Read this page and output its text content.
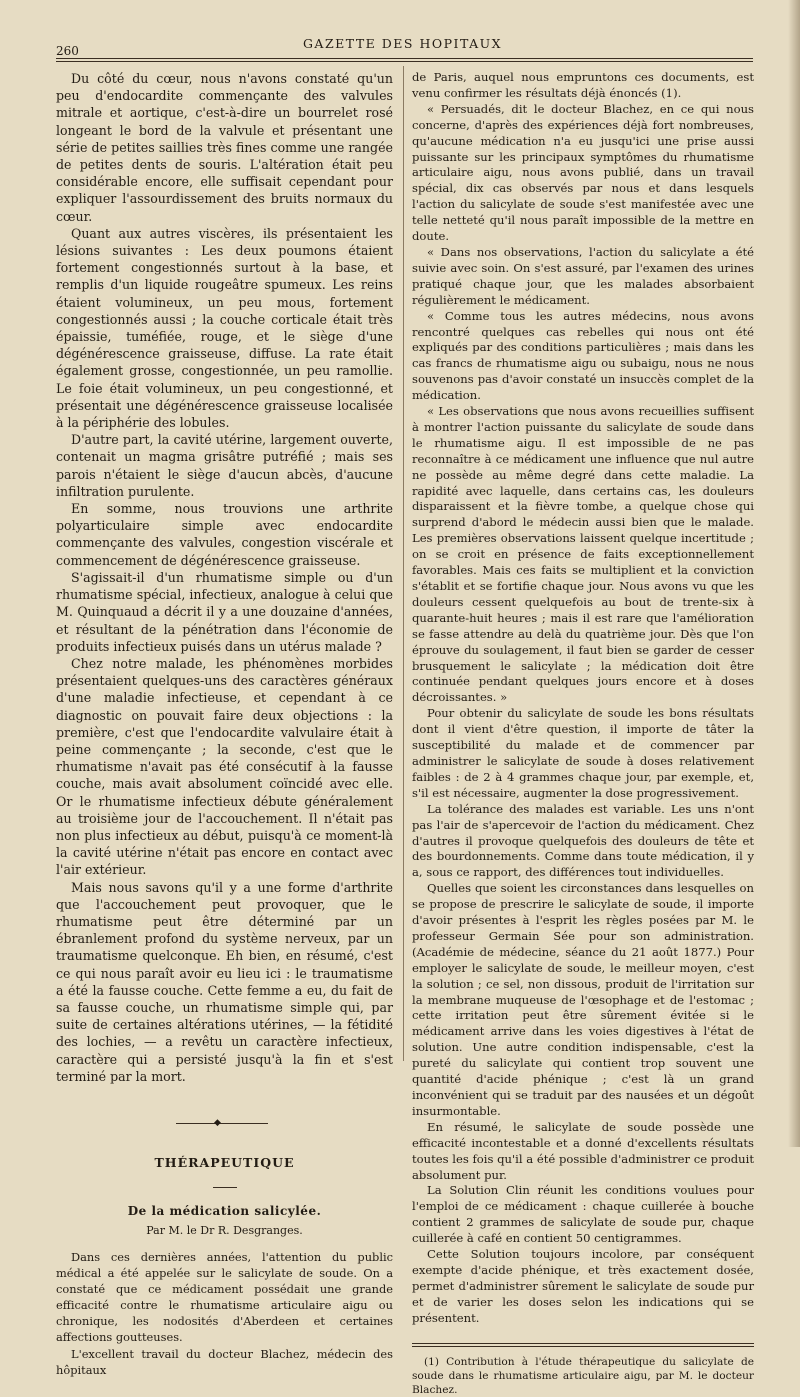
260	GAZETTE DES HOPITAUX

Du côté du cœur, nous n'avons constaté qu'un peu d'endocardite commençante des valvules mitrale et aortique, c'est-à-dire un bourrelet rosé longeant le bord de la valvule et présentant une série de petites saillies très fines comme une rangée de petites dents de souris. L'altération était peu considérable encore, elle suffisait cependant pour expliquer l'assourdissement des bruits normaux du cœur.

Quant aux autres viscères, ils présentaient les lésions suivantes : Les deux poumons étaient fortement congestionnés surtout à la base, et remplis d'un liquide rougeâtre spumeux. Les reins étaient volumineux, un peu mous, fortement congestionnés aussi ; la couche corticale était très épaissie, tuméfiée, rouge, et le siège d'une dégénérescence graisseuse, diffuse. La rate était également grosse, congestionnée, un peu ramollie. Le foie était volumineux, un peu congestionné, et présentait une dégénérescence graisseuse localisée à la périphérie des lobules.

D'autre part, la cavité utérine, largement ouverte, contenait un magma grisâtre putréfié ; mais ses parois n'étaient le siège d'aucun abcès, d'aucune infiltration purulente.

En somme, nous trouvions une arthrite polyarticulaire simple avec endocardite commençante des valvules, congestion viscérale et commencement de dégénérescence graisseuse.

S'agissait-il d'un rhumatisme simple ou d'un rhumatisme spécial, infectieux, analogue à celui que M. Quinquaud a décrit il y a une douzaine d'années, et résultant de la pénétration dans l'économie de produits infectieux puisés dans un utérus malade ?

Chez notre malade, les phénomènes morbides présentaient quelques-uns des caractères généraux d'une maladie infectieuse, et cependant à ce diagnostic on pouvait faire deux objections : la première, c'est que l'endocardite valvulaire était à peine commençante ; la seconde, c'est que le rhumatisme n'avait pas été consécutif à la fausse couche, mais avait absolument coïncidé avec elle. Or le rhumatisme infectieux débute généralement au troisième jour de l'accouchement. Il n'était pas non plus infectieux au début, puisqu'à ce moment-là la cavité utérine n'était pas encore en contact avec l'air extérieur.

Mais nous savons qu'il y a une forme d'arthrite que l'accouchement peut provoquer, que le rhumatisme peut être déterminé par un ébranlement profond du système nerveux, par un traumatisme quelconque. Eh bien, en résumé, c'est ce qui nous paraît avoir eu lieu ici : le traumatisme a été la fausse couche. Cette femme a eu, du fait de sa fausse couche, un rhumatisme simple qui, par suite de certaines altérations utérines, — la fétidité des lochies, — a revêtu un caractère infectieux, caractère qui a persisté jusqu'à la fin et s'est terminé par la mort.

◆
THÉRAPEUTIQUE
De la médication salicylée.
Par M. le Dr R. Desgranges.

Dans ces dernières années, l'attention du public médical a été appelée sur le salicylate de soude. On a constaté que ce médicament possédait une grande efficacité contre le rhumatisme articulaire aigu ou chronique, les nodosités d'Aberdeen et certaines affections goutteuses.

L'excellent travail du docteur Blachez, médecin des hôpitaux

de Paris, auquel nous empruntons ces documents, est venu confirmer les résultats déjà énoncés (1).

« Persuadés, dit le docteur Blachez, en ce qui nous concerne, d'après des expériences déjà fort nombreuses, qu'aucune médication n'a eu jusqu'ici une prise aussi puissante sur les principaux symptômes du rhumatisme articulaire aigu, nous avons publié, dans un travail spécial, dix cas observés par nous et dans lesquels l'action du salicylate de soude s'est manifestée avec une telle netteté qu'il nous paraît impossible de la mettre en doute.

« Dans nos observations, l'action du salicylate a été suivie avec soin. On s'est assuré, par l'examen des urines pratiqué chaque jour, que les malades absorbaient régulièrement le médicament.

« Comme tous les autres médecins, nous avons rencontré quelques cas rebelles qui nous ont été expliqués par des conditions particulières ; mais dans les cas francs de rhumatisme aigu ou subaigu, nous ne nous souvenons pas d'avoir constaté un insuccès complet de la médication.

« Les observations que nous avons recueillies suffisent à montrer l'action puissante du salicylate de soude dans le rhumatisme aigu. Il est impossible de ne pas reconnaître à ce médicament une influence que nul autre ne possède au même degré dans cette maladie. La rapidité avec laquelle, dans certains cas, les douleurs disparaissent et la fièvre tombe, a quelque chose qui surprend d'abord le médecin aussi bien que le malade. Les premières observations laissent quelque incertitude ; on se croit en présence de faits exceptionnellement favorables. Mais ces faits se multiplient et la conviction s'établit et se fortifie chaque jour. Nous avons vu que les douleurs cessent quelquefois au bout de trente-six à quarante-huit heures ; mais il est rare que l'amélioration se fasse attendre au delà du quatrième jour. Dès que l'on éprouve du soulagement, il faut bien se garder de cesser brusquement le salicylate ; la médication doit être continuée pendant quelques jours encore et à doses décroissantes. »

Pour obtenir du salicylate de soude les bons résultats dont il vient d'être question, il importe de tâter la susceptibilité du malade et de commencer par administrer le salicylate de soude à doses relativement faibles : de 2 à 4 grammes chaque jour, par exemple, et, s'il est nécessaire, augmenter la dose progressivement.

La tolérance des malades est variable. Les uns n'ont pas l'air de s'apercevoir de l'action du médicament. Chez d'autres il provoque quelquefois des douleurs de tête et des bourdonnements. Comme dans toute médication, il y a, sous ce rapport, des différences tout individuelles.

Quelles que soient les circonstances dans lesquelles on se propose de prescrire le salicylate de soude, il importe d'avoir présentes à l'esprit les règles posées par M. le professeur Germain Sée pour son administration. (Académie de médecine, séance du 21 août 1877.) Pour employer le salicylate de soude, le meilleur moyen, c'est la solution ; ce sel, non dissous, produit de l'irritation sur la membrane muqueuse de l'œsophage et de l'estomac ; cette irritation peut être sûrement évitée si le médicament arrive dans les voies digestives à l'état de solution. Une autre condition indispensable, c'est la pureté du salicylate qui contient trop souvent une quantité d'acide phénique ; c'est là un grand inconvénient qui se traduit par des nausées et un dégoût insurmontable.

En résumé, le salicylate de soude possède une efficacité incontestable et a donné d'excellents résultats toutes les fois qu'il a été possible d'administrer ce produit absolument pur.

La Solution Clin réunit les conditions voulues pour l'emploi de ce médicament : chaque cuillerée à bouche contient 2 grammes de salicylate de soude pur, chaque cuillerée à café en contient 50 centigrammes.

Cette Solution toujours incolore, par conséquent exempte d'acide phénique, et très exactement dosée, permet d'administrer sûrement le salicylate de soude pur et de varier les doses selon les indications qui se présentent.

(1) Contribution à l'étude thérapeutique du salicylate de soude dans le rhumatisme articulaire aigu, par M. le docteur Blachez.
